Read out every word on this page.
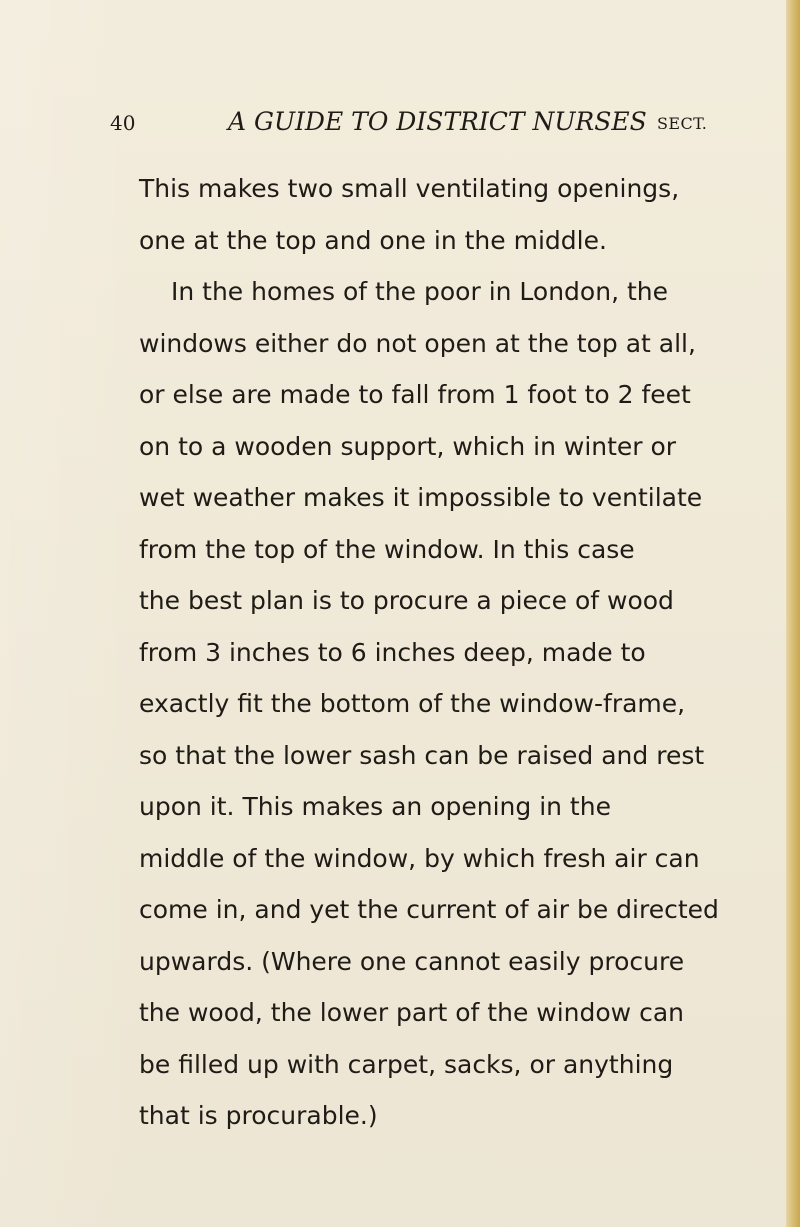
40	A GUIDE TO DISTRICT NURSES SECT.
This makes two small ventilating openings,
one at the top and one in the middle.
In the homes of the poor in London, the
windows either do not open at the top at all,
or else are made to fall from 1 foot to 2 feet
on to a wooden support, which in winter or
wet weather makes it impossible to ventilate
from the top of the window. In this case
the best plan is to procure a piece of wood
from 3 inches to 6 inches deep, made to
exactly fit the bottom of the window-frame,
so that the lower sash can be raised and rest
upon it. This makes an opening in the
middle of the window, by which fresh air can
come in, and yet the current of air be directed
upwards. (Where one cannot easily procure
the wood, the lower part of the window can
be filled up with carpet, sacks, or anything
that is procurable.)
